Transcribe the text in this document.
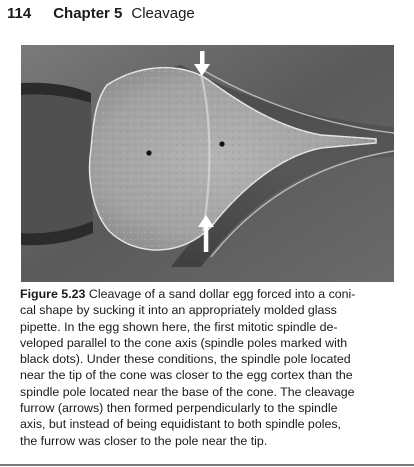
114 Chapter 5 Cleavage

Figure 5.23 Cleavage of a sand dollar egg forced into a coni-
cal shape by sucking it into an appropriately molded glass
pipette. In the egg shown here, the first mitotic spindle de-
veloped parallel to the cone axis (spindle poles marked with
black dots). Under these conditions, the spindle pole located
near the tip of the cone was closer to the egg cortex than the
spindle pole located near the base of the cone. The cleavage
furrow (arrows) then formed perpendicularly to the spindle
axis, but instead of being equidistant to both spindle poles,
the furrow was closer to the pole near the tip.
